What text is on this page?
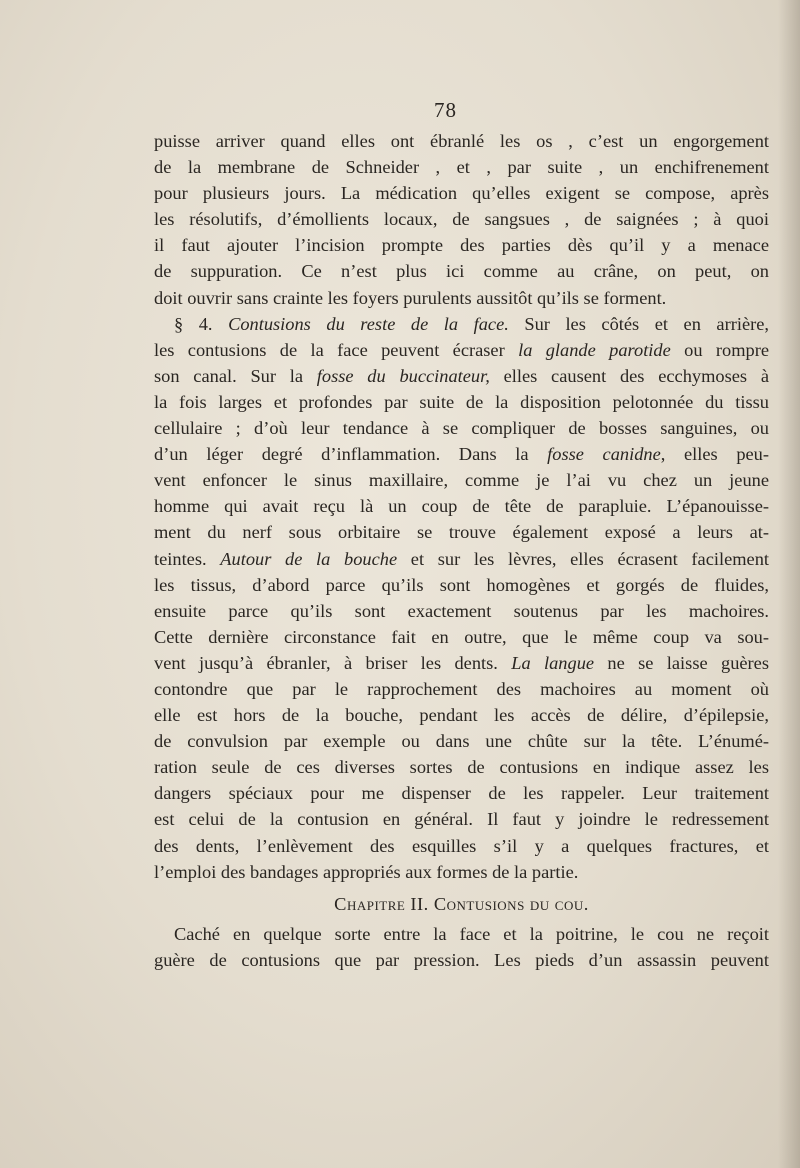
78
puisse arriver quand elles ont ébranlé les os , c’est un engorgement
de la membrane de Schneider , et , par suite , un enchifrenement
pour plusieurs jours. La médication qu’elles exigent se compose, après
les résolutifs, d’émollients locaux, de sangsues , de saignées ; à quoi
il faut ajouter l’incision prompte des parties dès qu’il y a menace
de suppuration. Ce n’est plus ici comme au crâne, on peut, on
doit ouvrir sans crainte les foyers purulents aussitôt qu’ils se forment.
§ 4. Contusions du reste de la face. Sur les côtés et en arrière,
les contusions de la face peuvent écraser la glande parotide ou rompre
son canal. Sur la fosse du buccinateur, elles causent des ecchymoses à
la fois larges et profondes par suite de la disposition pelotonnée du tissu
cellulaire ; d’où leur tendance à se compliquer de bosses sanguines, ou
d’un léger degré d’inflammation. Dans la fosse canidne, elles peu-
vent enfoncer le sinus maxillaire, comme je l’ai vu chez un jeune
homme qui avait reçu là un coup de tête de parapluie. L’épanouisse-
ment du nerf sous orbitaire se trouve également exposé a leurs at-
teintes. Autour de la bouche et sur les lèvres, elles écrasent facilement
les tissus, d’abord parce qu’ils sont homogènes et gorgés de fluides,
ensuite parce qu’ils sont exactement soutenus par les machoires.
Cette dernière circonstance fait en outre, que le même coup va sou-
vent jusqu’à ébranler, à briser les dents. La langue ne se laisse guères
contondre que par le rapprochement des machoires au moment où
elle est hors de la bouche, pendant les accès de délire, d’épilepsie,
de convulsion par exemple ou dans une chûte sur la tête. L’énumé-
ration seule de ces diverses sortes de contusions en indique assez les
dangers spéciaux pour me dispenser de les rappeler. Leur traitement
est celui de la contusion en général. Il faut y joindre le redressement
des dents, l’enlèvement des esquilles s’il y a quelques fractures, et
l’emploi des bandages appropriés aux formes de la partie.
Chapitre II. Contusions du cou.
Caché en quelque sorte entre la face et la poitrine, le cou ne reçoit
guère de contusions que par pression. Les pieds d’un assassin peuvent
